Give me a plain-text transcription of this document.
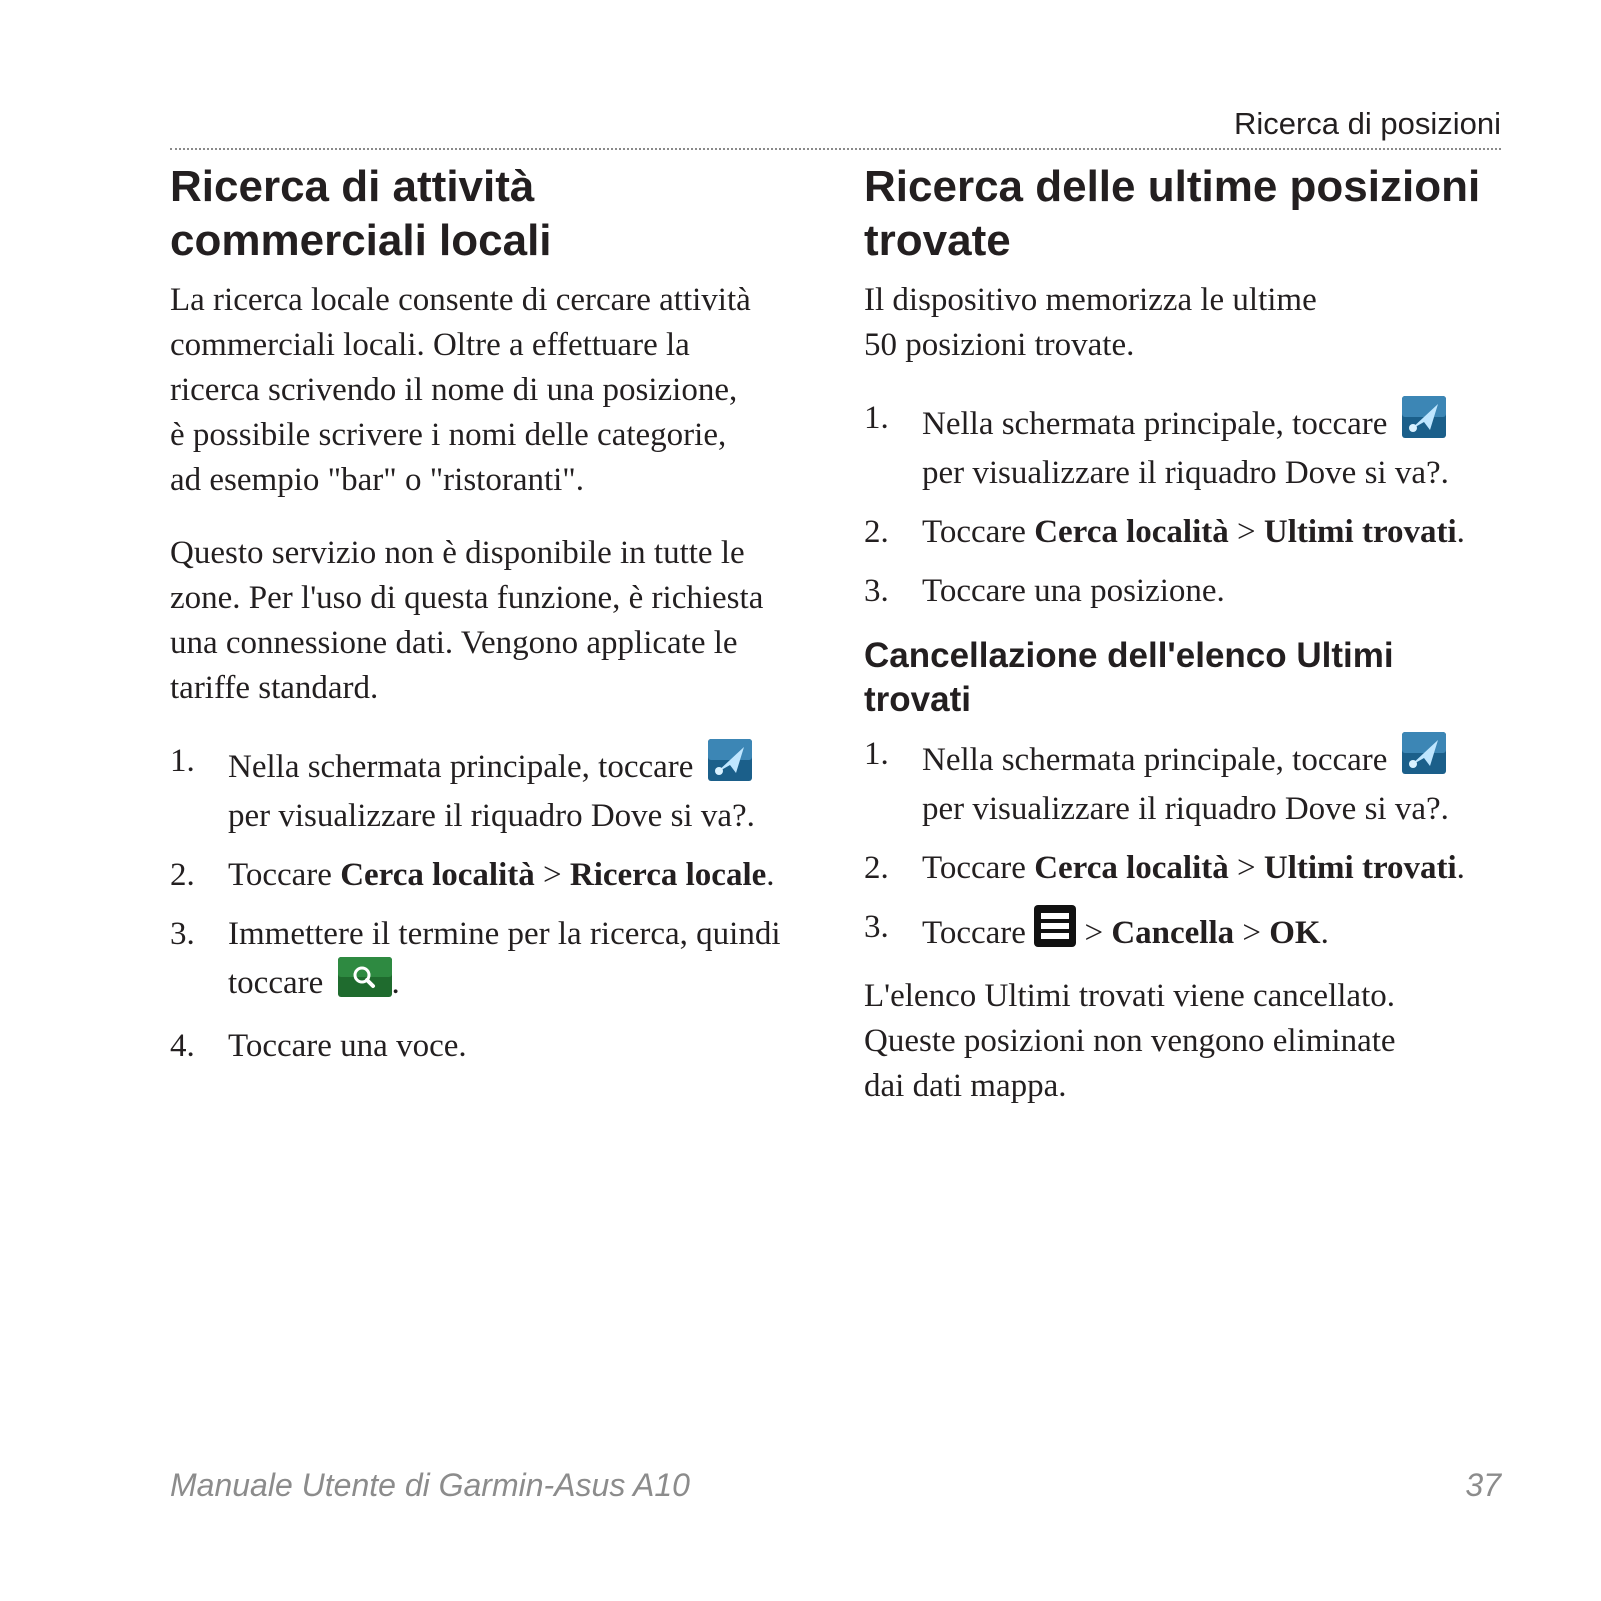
Ricerca di posizioni
Ricerca di attività
commerciali locali

La ricerca locale consente di cercare attività
commerciali locali. Oltre a effettuare la
ricerca scrivendo il nome di una posizione,
è possibile scrivere i nomi delle categorie,
ad esempio "bar" o "ristoranti".

Questo servizio non è disponibile in tutte le
zone. Per l'uso di questa funzione, è richiesta
una connessione dati. Vengono applicate le
tariffe standard.

1. Nella schermata principale, toccare
per visualizzare il riquadro Dove si va?.
2. Toccare Cerca località > Ricerca locale.
3. Immettere il termine per la ricerca, quindi
toccare .
4. Toccare una voce.
Ricerca delle ultime posizioni
trovate

Il dispositivo memorizza le ultime
50 posizioni trovate.

1. Nella schermata principale, toccare
per visualizzare il riquadro Dove si va?.
2. Toccare Cerca località > Ultimi trovati.
3. Toccare una posizione.
Cancellazione dell'elenco Ultimi
trovati
1. Nella schermata principale, toccare
per visualizzare il riquadro Dove si va?.
2. Toccare Cerca località > Ultimi trovati.
3. Toccare  > Cancella > OK.

L'elenco Ultimi trovati viene cancellato.
Queste posizioni non vengono eliminate
dai dati mappa.

Manuale Utente di Garmin-Asus A10	37
